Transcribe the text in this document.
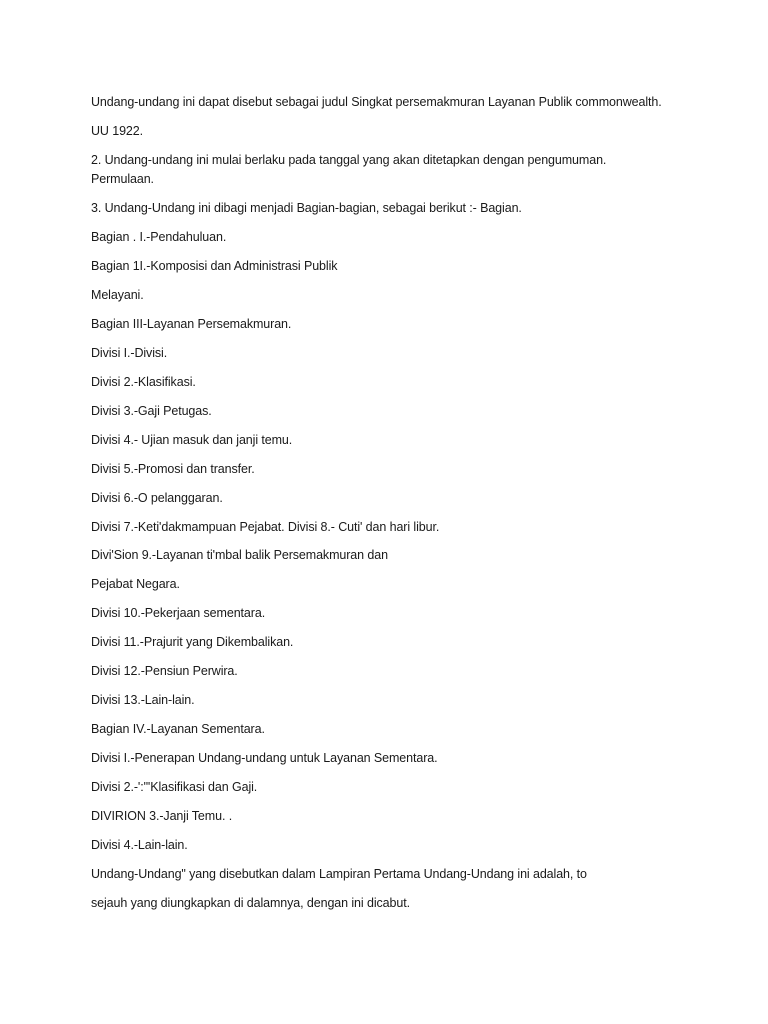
Undang-undang ini dapat disebut sebagai judul Singkat persemakmuran Layanan Publik commonwealth.

UU 1922.

2. Undang-undang ini mulai berlaku pada tanggal yang akan ditetapkan dengan pengumuman.

Permulaan.

3. Undang-Undang ini dibagi menjadi Bagian-bagian, sebagai berikut :- Bagian.

Bagian . I.-Pendahuluan.

Bagian 1I.-Komposisi dan Administrasi Publik

Melayani.

Bagian III-Layanan Persemakmuran.

Divisi I.-Divisi.

Divisi 2.-Klasifikasi.

Divisi 3.-Gaji Petugas.

Divisi 4.- Ujian masuk dan janji temu.

Divisi 5.-Promosi dan transfer.

Divisi 6.-O pelanggaran.

Divisi 7.-Keti'dakmampuan Pejabat. Divisi 8.- Cuti' dan hari libur.

Divi'Sion 9.-Layanan ti'mbal balik Persemakmuran dan

Pejabat Negara.

Divisi 10.-Pekerjaan sementara.

Divisi 11.-Prajurit yang Dikembalikan.

Divisi 12.-Pensiun Perwira.

Divisi 13.-Lain-lain.

Bagian IV.-Layanan Sementara.

Divisi I.-Penerapan Undang-undang untuk Layanan Sementara.

Divisi 2.-':"'Klasifikasi dan Gaji.

DIVIRION 3.-Janji Temu. .

Divisi 4.-Lain-lain.

Undang-Undang" yang disebutkan dalam Lampiran Pertama Undang-Undang ini adalah, to

sejauh yang diungkapkan di dalamnya, dengan ini dicabut.
